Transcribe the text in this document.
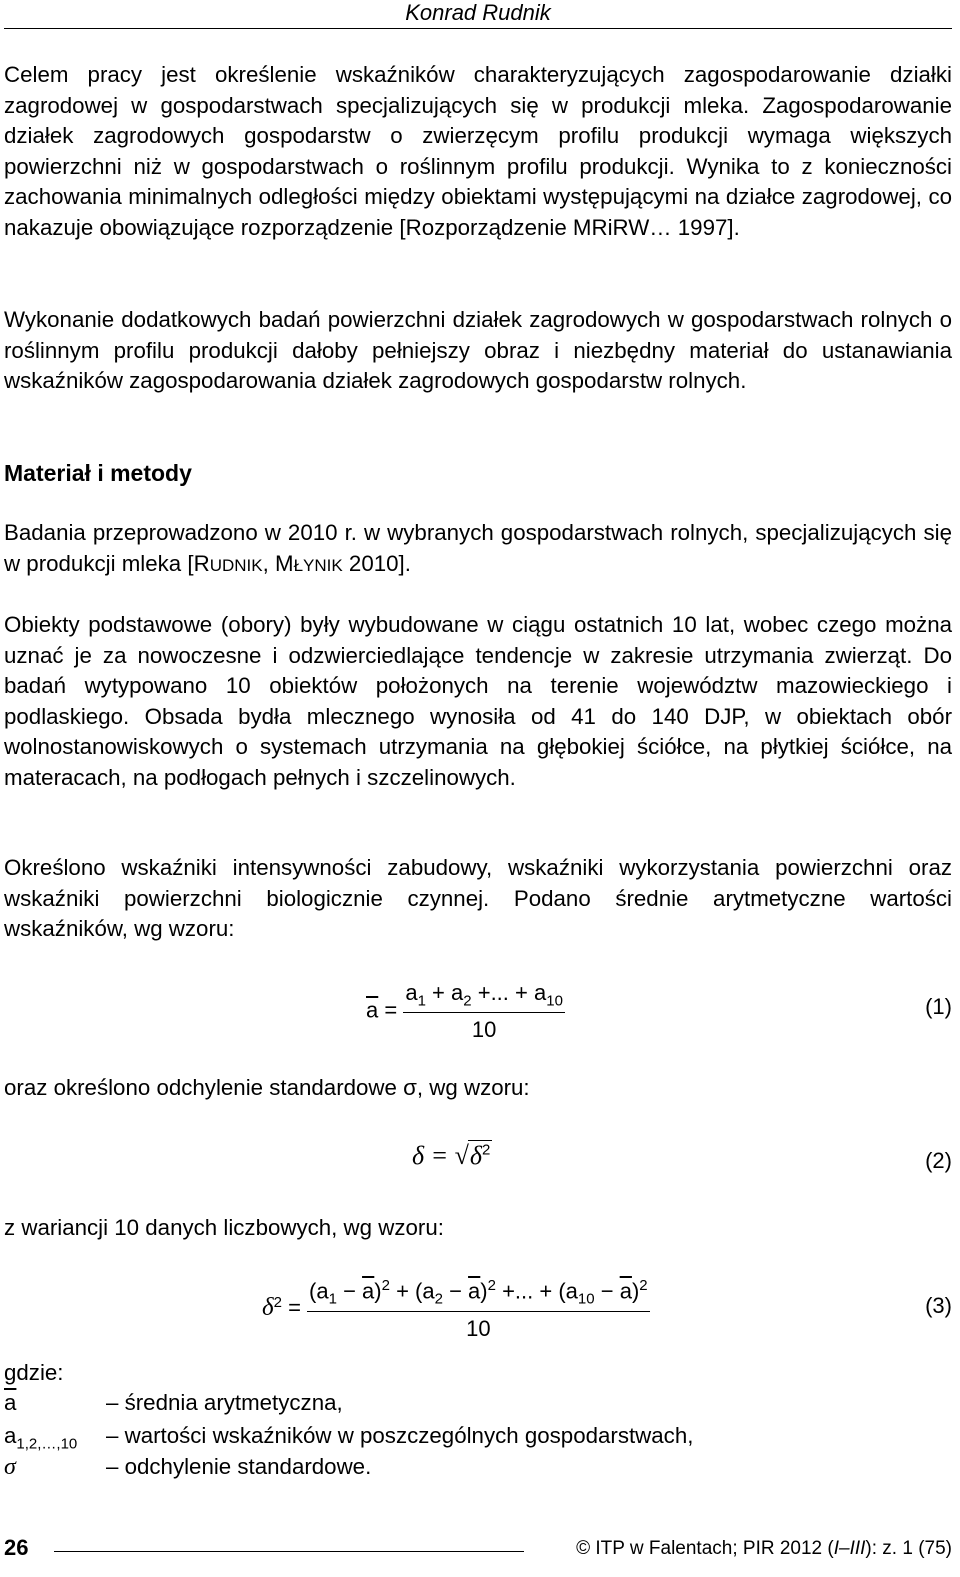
Konrad Rudnik

Celem pracy jest określenie wskaźników charakteryzujących zagospodarowanie działki zagrodowej w gospodarstwach specjalizujących się w produkcji mleka. Zagospodarowanie działek zagrodowych gospodarstw o zwierzęcym profilu produkcji wymaga większych powierzchni niż w gospodarstwach o roślinnym profilu produkcji. Wynika to z konieczności zachowania minimalnych odległości między obiektami występującymi na działce zagrodowej, co nakazuje obowiązujące rozporządzenie [Rozporządzenie MRiRW… 1997].

Wykonanie dodatkowych badań powierzchni działek zagrodowych w gospodarstwach rolnych o roślinnym profilu produkcji dałoby pełniejszy obraz i niezbędny materiał do ustanawiania wskaźników zagospodarowania działek zagrodowych gospodarstw rolnych.

Materiał i metody

Badania przeprowadzono w 2010 r. w wybranych gospodarstwach rolnych, specjalizujących się w produkcji mleka [RUDNIK, MŁYNIK 2010].

Obiekty podstawowe (obory) były wybudowane w ciągu ostatnich 10 lat, wobec czego można uznać je za nowoczesne i odzwierciedlające tendencje w zakresie utrzymania zwierząt. Do badań wytypowano 10 obiektów położonych na terenie województw mazowieckiego i podlaskiego. Obsada bydła mlecznego wynosiła od 41 do 140 DJP, w obiektach obór wolnostanowiskowych o systemach utrzymania na głębokiej ściółce, na płytkiej ściółce, na materacach, na podłogach pełnych i szczelinowych.

Określono wskaźniki intensywności zabudowy, wskaźniki wykorzystania powierzchni oraz wskaźniki powierzchni biologicznie czynnej. Podano średnie arytmetyczne wartości wskaźników, wg wzoru:

$\overline{a} = \frac{a_1 + a_2 +... + a_{10}}{10}$	(1)

oraz określono odchylenie standardowe σ, wg wzoru:

$\delta = √\delta^2$	(2)

z wariancji 10 danych liczbowych, wg wzoru:

$\delta^2 = \frac{(a_1 - \overline{a})^2 + (a_2 - \overline{a})^2 +... + (a_{10} - \overline{a})^2}{10}$	(3)

gdzie:

$\overline{a}$	– średnia arytmetyczna,
$a_{1,2,\dots,10}$	– wartości wskaźników w poszczególnych gospodarstwach,
σ	– odchylenie standardowe.
26	© ITP w Falentach; PIR 2012 (I–III): z. 1 (75)
